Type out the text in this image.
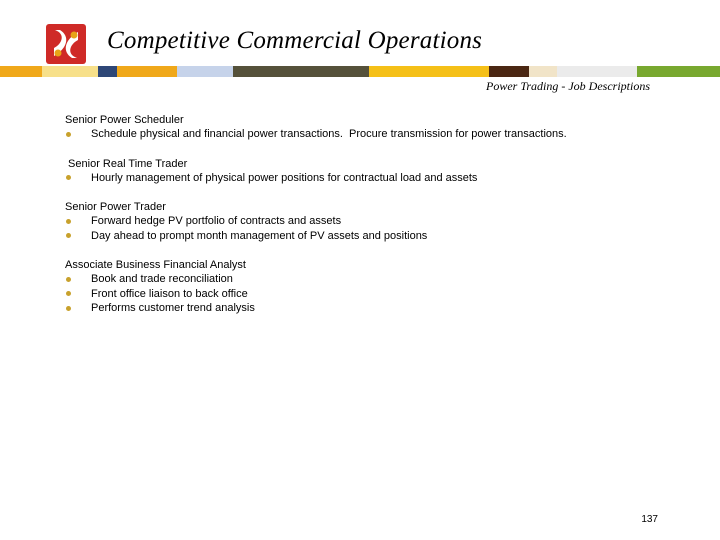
Competitive Commercial Operations
Power Trading - Job Descriptions
Senior Power Scheduler
Schedule physical and financial power transactions.  Procure transmission for power transactions.
Senior Real Time Trader
Hourly management of physical power positions for contractual load and assets
Senior Power Trader
Forward hedge PV portfolio of contracts and assets
Day ahead to prompt month management of PV assets and positions
Associate Business Financial Analyst
Book and trade reconciliation
Front office liaison to back office
Performs customer trend analysis
137
